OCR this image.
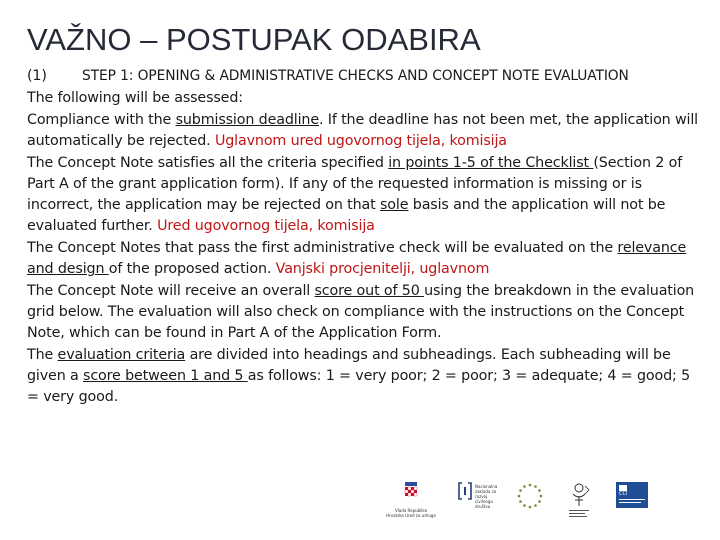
VAŽNO – POSTUPAK ODABIRA

(1)	STEP 1: OPENING & ADMINISTRATIVE CHECKS AND CONCEPT NOTE EVALUATION

The following will be assessed:

Compliance with the submission deadline. If the deadline has not been met, the application will automatically be rejected. Uglavnom ured ugovornog tijela, komisija

The Concept Note satisfies all the criteria specified in points 1-5 of the Checklist (Section 2 of Part A of the grant application form). If any of the requested information is missing or is incorrect, the application may be rejected on that sole basis and the application will not be evaluated further. Ured ugovornog tijela, komisija

The Concept Notes that pass the first administrative check will be evaluated on the relevance and design of the proposed action. Vanjski procjenitelji, uglavnom

The Concept Note will receive an overall score out of 50 using the breakdown in the evaluation grid below. The evaluation will also check on compliance with the instructions on the Concept Note, which can be found in Part A of the Application Form.

The evaluation criteria are divided into headings and subheadings. Each subheading will be given a score between 1 and 5 as follows: 1 = very poor; 2 = poor; 3 = adequate; 4 = good; 5 = very good.

Vlada Republike Hrvatske Ured za udruge
Nacionalna zaklada za razvoj civilnoga društva
CCI
